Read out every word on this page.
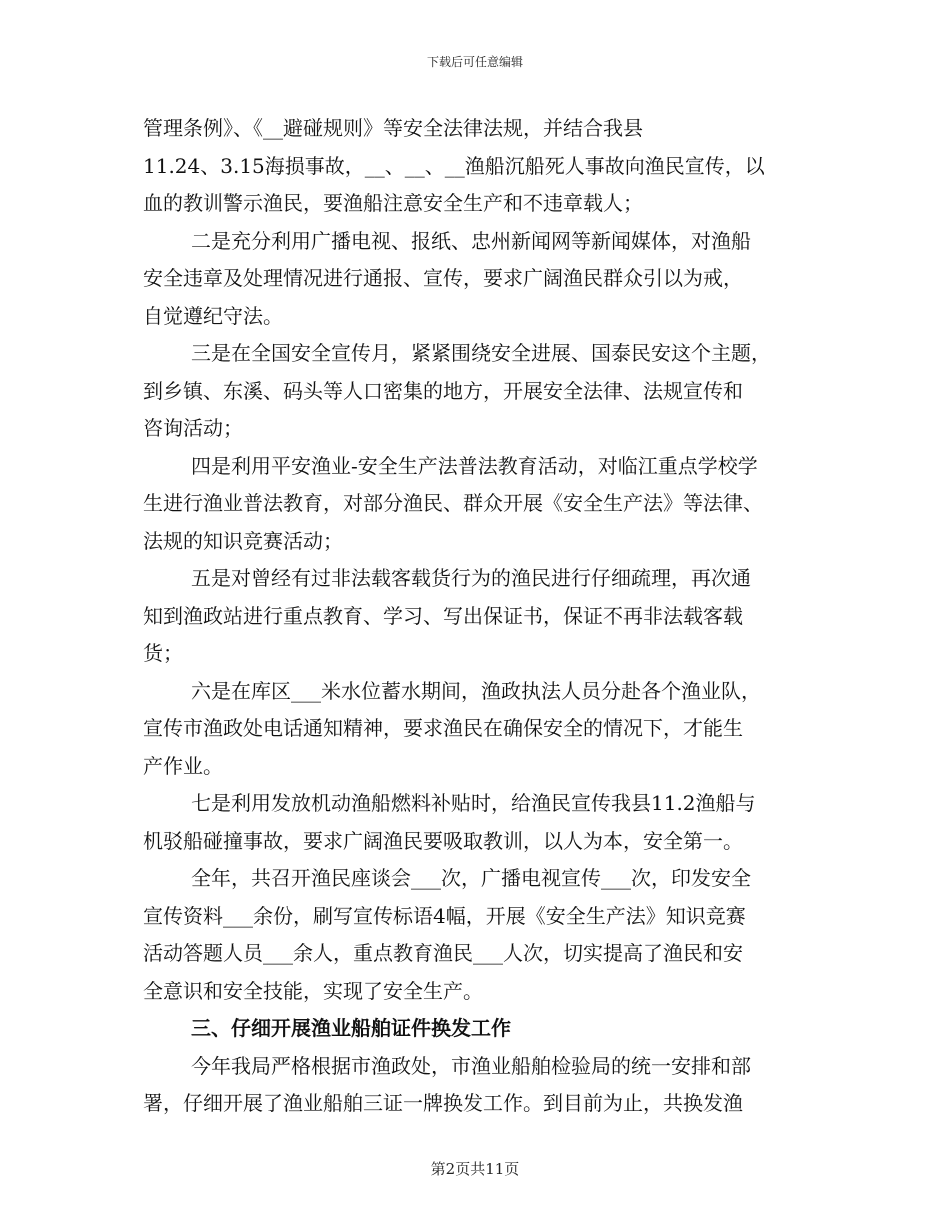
下载后可任意编辑
管理条例》、《__避碰规则》等安全法律法规，并结合我县
11.24、3.15海损事故，__、__、__渔船沉船死人事故向渔民宣传，以
血的教训警示渔民，要渔船注意安全生产和不违章载人；
二是充分利用广播电视、报纸、忠州新闻网等新闻媒体，对渔船
安全违章及处理情况进行通报、宣传，要求广阔渔民群众引以为戒，
自觉遵纪守法。
三是在全国安全宣传月，紧紧围绕安全进展、国泰民安这个主题，
到乡镇、东溪、码头等人口密集的地方，开展安全法律、法规宣传和
咨询活动；
四是利用平安渔业-安全生产法普法教育活动，对临江重点学校学
生进行渔业普法教育，对部分渔民、群众开展《安全生产法》等法律、
法规的知识竞赛活动；
五是对曾经有过非法载客载货行为的渔民进行仔细疏理，再次通
知到渔政站进行重点教育、学习、写出保证书，保证不再非法载客载
货；
六是在库区___米水位蓄水期间，渔政执法人员分赴各个渔业队，
宣传市渔政处电话通知精神，要求渔民在确保安全的情况下，才能生
产作业。
七是利用发放机动渔船燃料补贴时，给渔民宣传我县11.2渔船与
机驳船碰撞事故，要求广阔渔民要吸取教训，以人为本，安全第一。
全年，共召开渔民座谈会___次，广播电视宣传___次，印发安全
宣传资料___余份，刷写宣传标语4幅，开展《安全生产法》知识竞赛
活动答题人员___余人，重点教育渔民___人次，切实提高了渔民和安
全意识和安全技能，实现了安全生产。
三、仔细开展渔业船舶证件换发工作
今年我局严格根据市渔政处，市渔业船舶检验局的统一安排和部
署，仔细开展了渔业船舶三证一牌换发工作。到目前为止，共换发渔
第2页共11页
